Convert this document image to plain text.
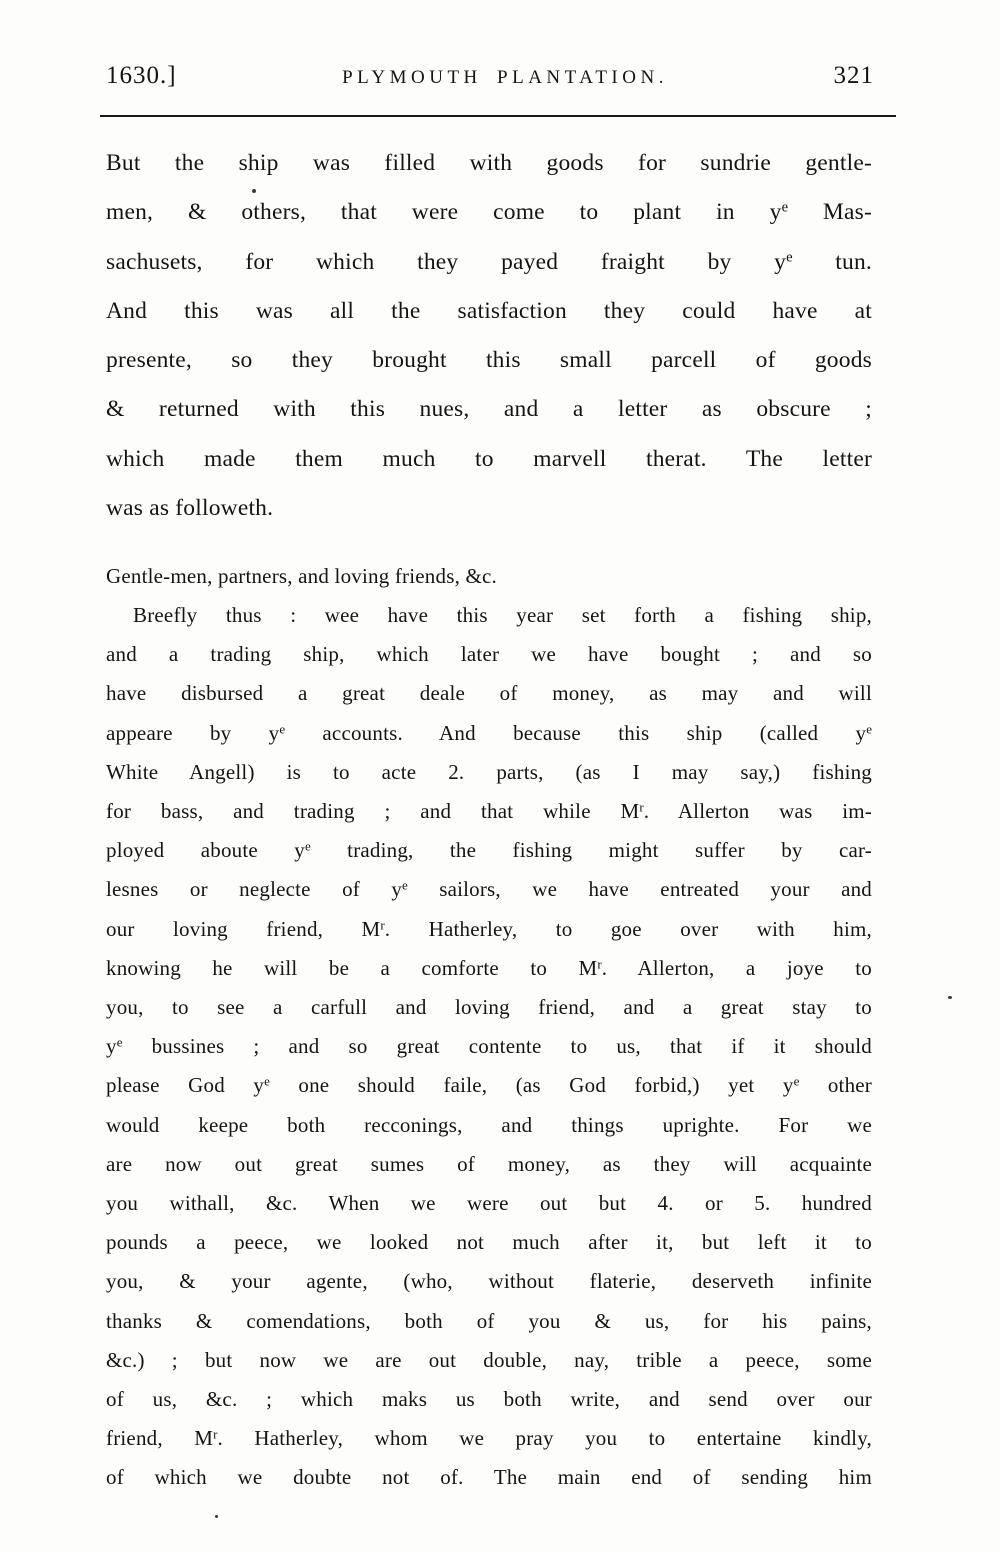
1630.]	PLYMOUTH PLANTATION.	321
But the ship was filled with goods for sundrie gentle-
men, & others, that were come to plant in $y^e$ Mas-
sachusets, for which they payed fraight by $y^e$ tun.
And this was all the satisfaction they could have at
presente, so they brought this small parcell of goods
& returned with this nues, and a letter as obscure ;
which made them much to marvell therat. The letter
was as followeth.
Gentle-men, partners, and loving friends, &c.
Breefly thus : wee have this year set forth a fishing ship,
and a trading ship, which later we have bought ; and so
have disbursed a great deale of money, as may and will
appeare by $y^e$ accounts. And because this ship (called $y^e$
White Angell) is to acte 2. parts, (as I may say,) fishing
for bass, and trading ; and that while $M^r$. Allerton was im-
ployed aboute $y^e$ trading, the fishing might suffer by car-
lesnes or neglecte of $y^e$ sailors, we have entreated your and
our loving friend, $M^r$. Hatherley, to goe over with him,
knowing he will be a comforte to $M^r$. Allerton, a joye to
you, to see a carfull and loving friend, and a great stay to
$y^e$ bussines ; and so great contente to us, that if it should
please God $y^e$ one should faile, (as God forbid,) yet $y^e$ other
would keepe both recconings, and things uprighte. For we
are now out great sumes of money, as they will acquainte
you withall, &c. When we were out but 4. or 5. hundred
pounds a peece, we looked not much after it, but left it to
you, & your agente, (who, without flaterie, deserveth infinite
thanks & comendations, both of you & us, for his pains,
&c.) ; but now we are out double, nay, trible a peece, some
of us, &c. ; which maks us both write, and send over our
friend, $M^r$. Hatherley, whom we pray you to entertaine kindly,
of which we doubte not of. The main end of sending him
